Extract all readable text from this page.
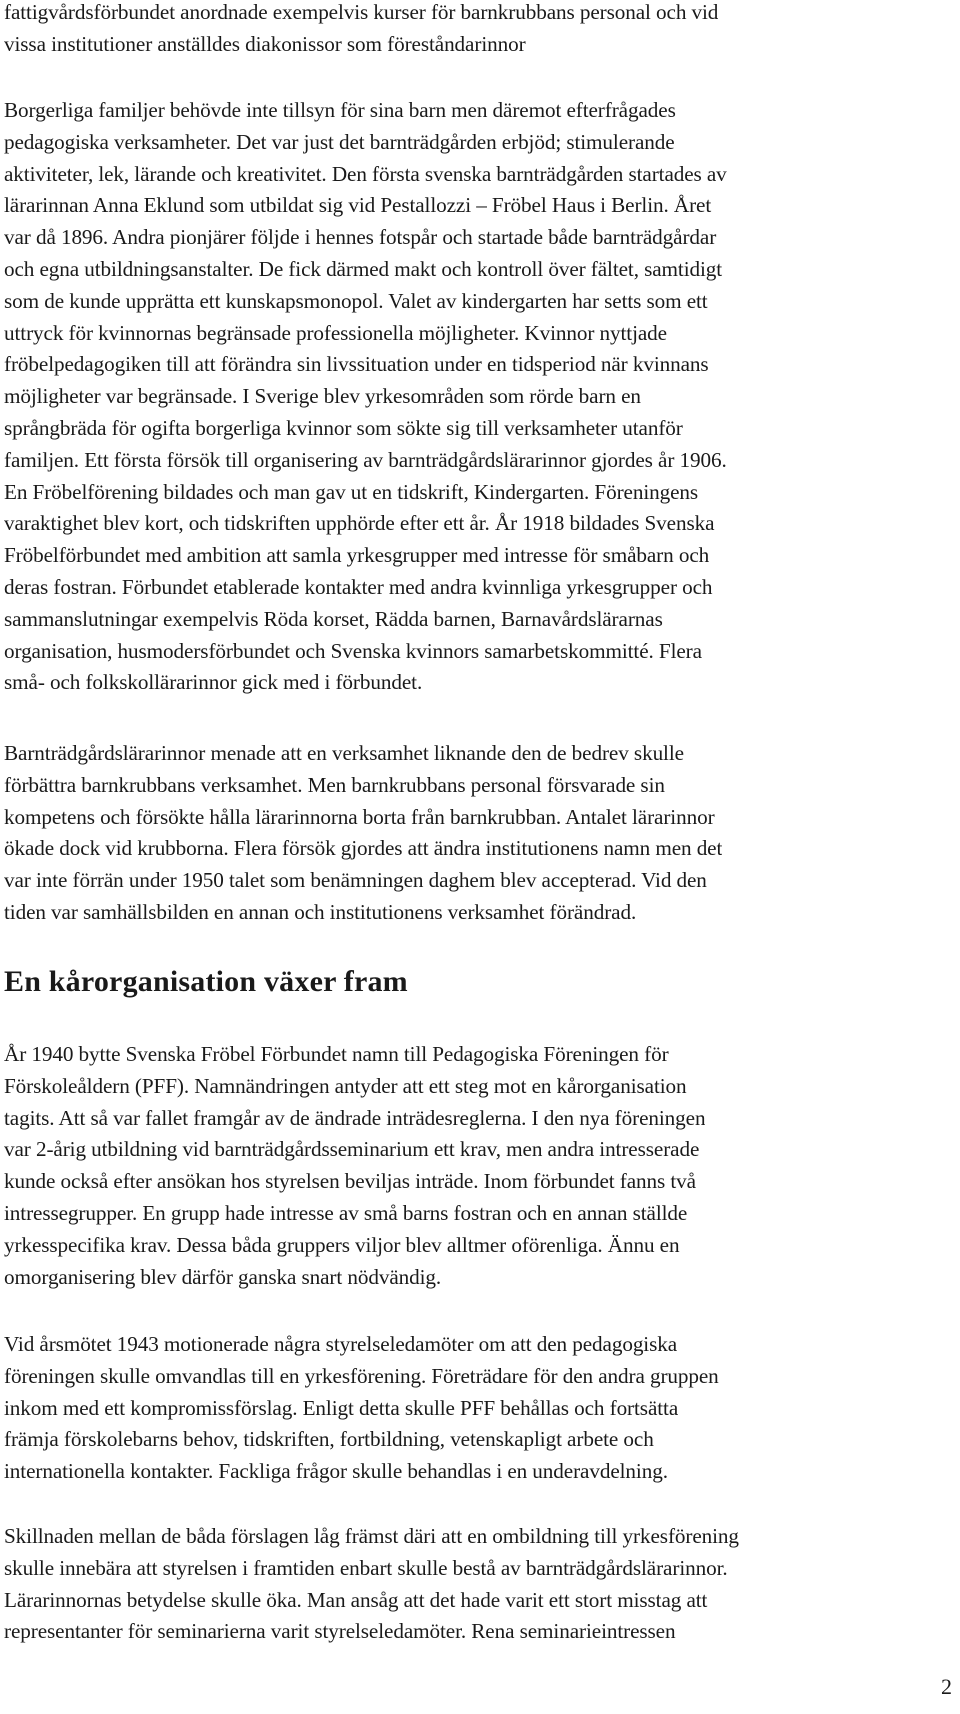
fattigvårdsförbundet anordnade exempelvis kurser för barnkrubbans personal och vid
vissa institutioner anställdes diakonissor som föreståndarinnor
Borgerliga familjer behövde inte tillsyn för sina barn men däremot efterfrågades
pedagogiska verksamheter. Det var just det barnträdgården erbjöd; stimulerande
aktiviteter, lek, lärande och kreativitet. Den första svenska barnträdgården startades av
lärarinnan Anna Eklund som utbildat sig vid Pestallozzi – Fröbel Haus i Berlin. Året
var då 1896. Andra pionjärer följde i hennes fotspår och startade både barnträdgårdar
och egna utbildningsanstalter. De fick därmed makt och kontroll över fältet, samtidigt
som de kunde upprätta ett kunskapsmonopol. Valet av kindergarten har setts som ett
uttryck för kvinnornas begränsade professionella möjligheter. Kvinnor nyttjade
fröbelpedagogiken till att förändra sin livssituation under en tidsperiod när kvinnans
möjligheter var begränsade. I Sverige blev yrkesområden som rörde barn en
språngbräda för ogifta borgerliga kvinnor som sökte sig till verksamheter utanför
familjen. Ett första försök till organisering av barnträdgårdslärarinnor gjordes år 1906.
En Fröbelförening bildades och man gav ut en tidskrift, Kindergarten. Föreningens
varaktighet blev kort, och tidskriften upphörde efter ett år. År 1918 bildades Svenska
Fröbelförbundet med ambition att samla yrkesgrupper med intresse för småbarn och
deras fostran. Förbundet etablerade kontakter med andra kvinnliga yrkesgrupper och
sammanslutningar exempelvis Röda korset, Rädda barnen, Barnavårdslärarnas
organisation, husmodersförbundet och Svenska kvinnors samarbetskommitté. Flera
små- och folkskollärarinnor gick med i förbundet.
Barnträdgårdslärarinnor menade att en verksamhet liknande den de bedrev skulle
förbättra barnkrubbans verksamhet. Men barnkrubbans personal försvarade sin
kompetens och försökte hålla lärarinnorna borta från barnkrubban. Antalet lärarinnor
ökade dock vid krubborna. Flera försök gjordes att ändra institutionens namn men det
var inte förrän under 1950 talet som benämningen daghem blev accepterad. Vid den
tiden var samhällsbilden en annan och institutionens verksamhet förändrad.
En kårorganisation växer fram
År 1940 bytte Svenska Fröbel Förbundet namn till Pedagogiska Föreningen för
Förskoleåldern (PFF). Namnändringen antyder att ett steg mot en kårorganisation
tagits. Att så var fallet framgår av de ändrade inträdesreglerna. I den nya föreningen
var 2-årig utbildning vid barnträdgårdsseminarium ett krav, men andra intresserade
kunde också efter ansökan hos styrelsen beviljas inträde. Inom förbundet fanns två
intressegrupper. En grupp hade intresse av små barns fostran och en annan ställde
yrkesspecifika krav. Dessa båda gruppers viljor blev alltmer oförenliga. Ännu en
omorganisering blev därför ganska snart nödvändig.
Vid årsmötet 1943 motionerade några styrelseledamöter om att den pedagogiska
föreningen skulle omvandlas till en yrkesförening. Företrädare för den andra gruppen
inkom med ett kompromissförslag. Enligt detta skulle PFF behållas och fortsätta
främja förskolebarns behov, tidskriften, fortbildning, vetenskapligt arbete och
internationella kontakter. Fackliga frågor skulle behandlas i en underavdelning.
Skillnaden mellan de båda förslagen låg främst däri att en ombildning till yrkesförening
skulle innebära att styrelsen i framtiden enbart skulle bestå av barnträdgårdslärarinnor.
Lärarinnornas betydelse skulle öka. Man ansåg att det hade varit ett stort misstag att
representanter för seminarierna varit styrelseledamöter. Rena seminarieintressen
2
